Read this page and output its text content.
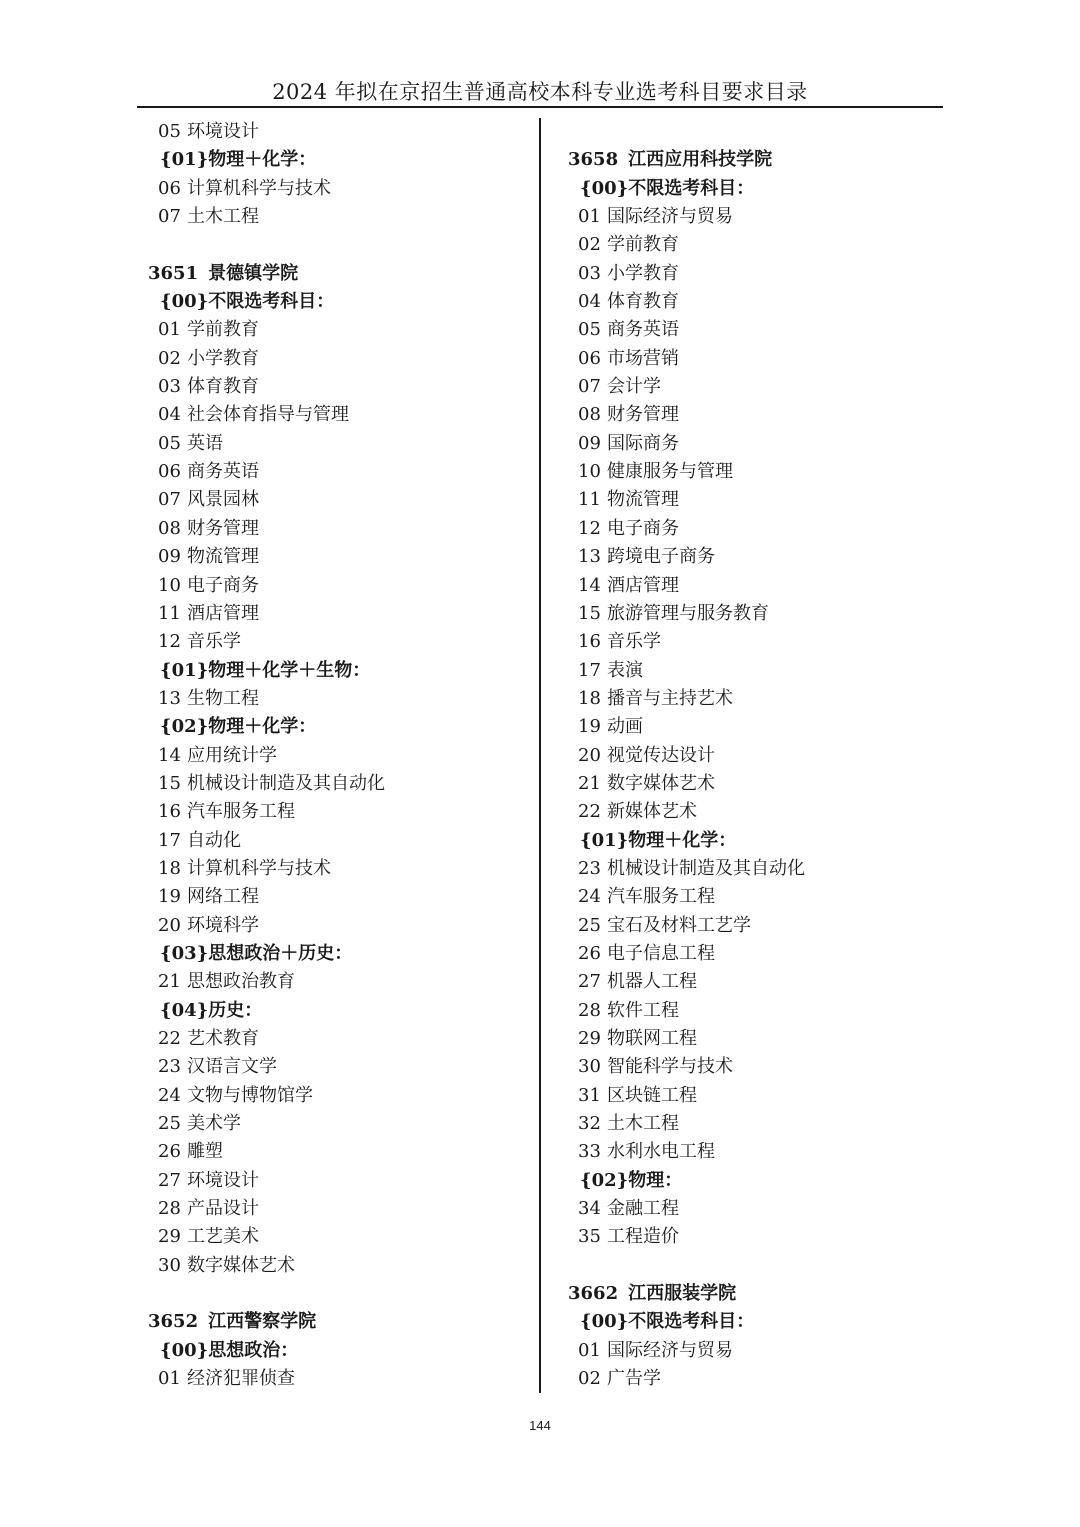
2024 年拟在京招生普通高校本科专业选考科目要求目录
05 环境设计
{01}物理＋化学：
06 计算机科学与技术
07 土木工程
3651 景德镇学院
{00}不限选考科目：
01 学前教育
02 小学教育
03 体育教育
04 社会体育指导与管理
05 英语
06 商务英语
07 风景园林
08 财务管理
09 物流管理
10 电子商务
11 酒店管理
12 音乐学
{01}物理＋化学＋生物：
13 生物工程
{02}物理＋化学：
14 应用统计学
15 机械设计制造及其自动化
16 汽车服务工程
17 自动化
18 计算机科学与技术
19 网络工程
20 环境科学
{03}思想政治＋历史：
21 思想政治教育
{04}历史：
22 艺术教育
23 汉语言文学
24 文物与博物馆学
25 美术学
26 雕塑
27 环境设计
28 产品设计
29 工艺美术
30 数字媒体艺术
3652 江西警察学院
{00}思想政治：
01 经济犯罪侦查
3658 江西应用科技学院
{00}不限选考科目：
01 国际经济与贸易
02 学前教育
03 小学教育
04 体育教育
05 商务英语
06 市场营销
07 会计学
08 财务管理
09 国际商务
10 健康服务与管理
11 物流管理
12 电子商务
13 跨境电子商务
14 酒店管理
15 旅游管理与服务教育
16 音乐学
17 表演
18 播音与主持艺术
19 动画
20 视觉传达设计
21 数字媒体艺术
22 新媒体艺术
{01}物理＋化学：
23 机械设计制造及其自动化
24 汽车服务工程
25 宝石及材料工艺学
26 电子信息工程
27 机器人工程
28 软件工程
29 物联网工程
30 智能科学与技术
31 区块链工程
32 土木工程
33 水利水电工程
{02}物理：
34 金融工程
35 工程造价
3662 江西服装学院
{00}不限选考科目：
01 国际经济与贸易
02 广告学
144
